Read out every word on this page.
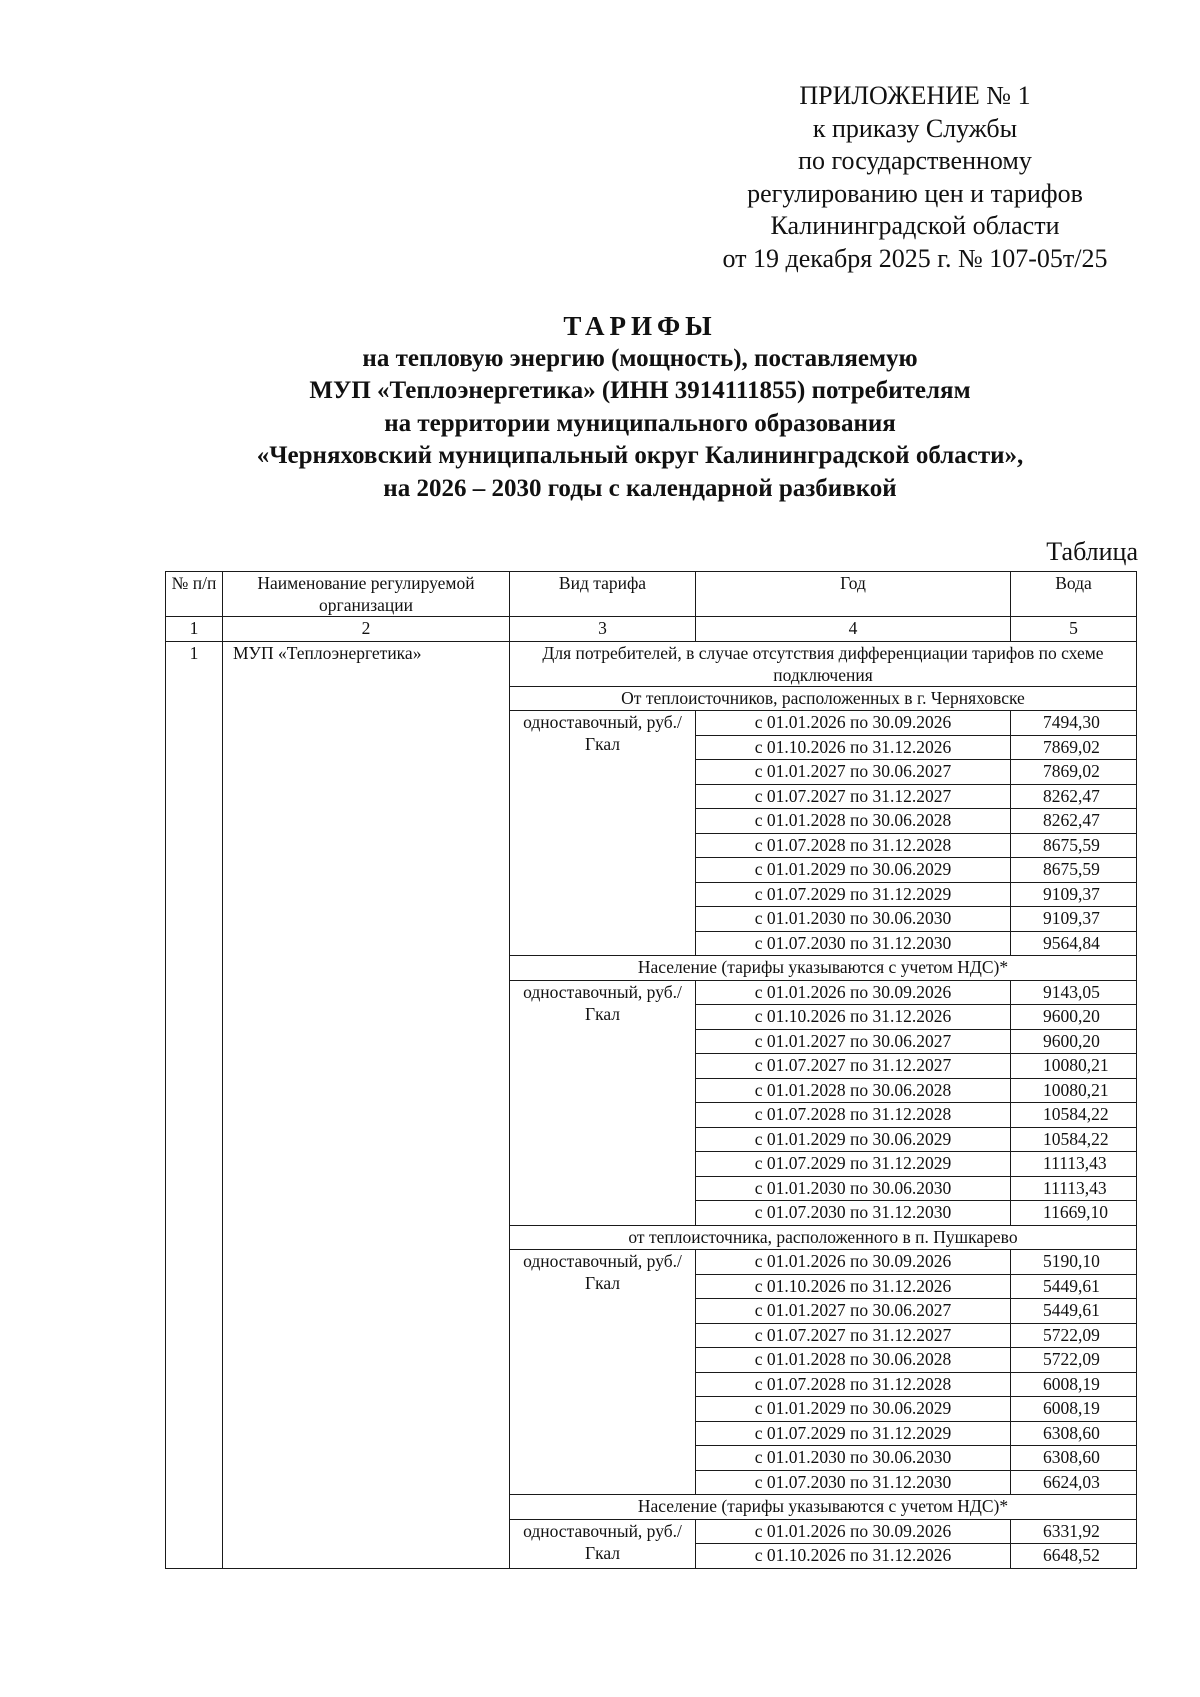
ПРИЛОЖЕНИЕ № 1
к приказу Службы
по государственному
регулированию цен и тарифов
Калининградской области
от 19 декабря 2025 г. № 107-05т/25
ТАРИФЫ
на тепловую энергию (мощность), поставляемую
МУП «Теплоэнергетика» (ИНН 3914111855) потребителям
на территории муниципального образования
«Черняховский муниципальный округ Калининградской области»,
на 2026 – 2030 годы с календарной разбивкой
Таблица
№ п/п	Наименование регулируемой организации	Вид тарифа	Год	Вода
1	2	3	4	5
1	МУП «Теплоэнергетика»	Для потребителей, в случае отсутствия дифференциации тарифов по схеме подключения		
		От теплоисточников, расположенных в г. Черняховске		
		одноставочный, руб./Гкал	с 01.01.2026 по 30.09.2026	7494,30
			с 01.10.2026 по 31.12.2026	7869,02
			с 01.01.2027 по 30.06.2027	7869,02
			с 01.07.2027 по 31.12.2027	8262,47
			с 01.01.2028 по 30.06.2028	8262,47
			с 01.07.2028 по 31.12.2028	8675,59
			с 01.01.2029 по 30.06.2029	8675,59
			с 01.07.2029 по 31.12.2029	9109,37
			с 01.01.2030 по 30.06.2030	9109,37
			с 01.07.2030 по 31.12.2030	9564,84
		Население (тарифы указываются с учетом НДС)*		
		одноставочный, руб./Гкал	с 01.01.2026 по 30.09.2026	9143,05
			с 01.10.2026 по 31.12.2026	9600,20
			с 01.01.2027 по 30.06.2027	9600,20
			с 01.07.2027 по 31.12.2027	10080,21
			с 01.01.2028 по 30.06.2028	10080,21
			с 01.07.2028 по 31.12.2028	10584,22
			с 01.01.2029 по 30.06.2029	10584,22
			с 01.07.2029 по 31.12.2029	11113,43
			с 01.01.2030 по 30.06.2030	11113,43
			с 01.07.2030 по 31.12.2030	11669,10
		от теплоисточника, расположенного в п. Пушкарево		
		одноставочный, руб./Гкал	с 01.01.2026 по 30.09.2026	5190,10
			с 01.10.2026 по 31.12.2026	5449,61
			с 01.01.2027 по 30.06.2027	5449,61
			с 01.07.2027 по 31.12.2027	5722,09
			с 01.01.2028 по 30.06.2028	5722,09
			с 01.07.2028 по 31.12.2028	6008,19
			с 01.01.2029 по 30.06.2029	6008,19
			с 01.07.2029 по 31.12.2029	6308,60
			с 01.01.2030 по 30.06.2030	6308,60
			с 01.07.2030 по 31.12.2030	6624,03
		Население (тарифы указываются с учетом НДС)*		
		одноставочный, руб./Гкал	с 01.01.2026 по 30.09.2026	6331,92
			с 01.10.2026 по 31.12.2026	6648,52
